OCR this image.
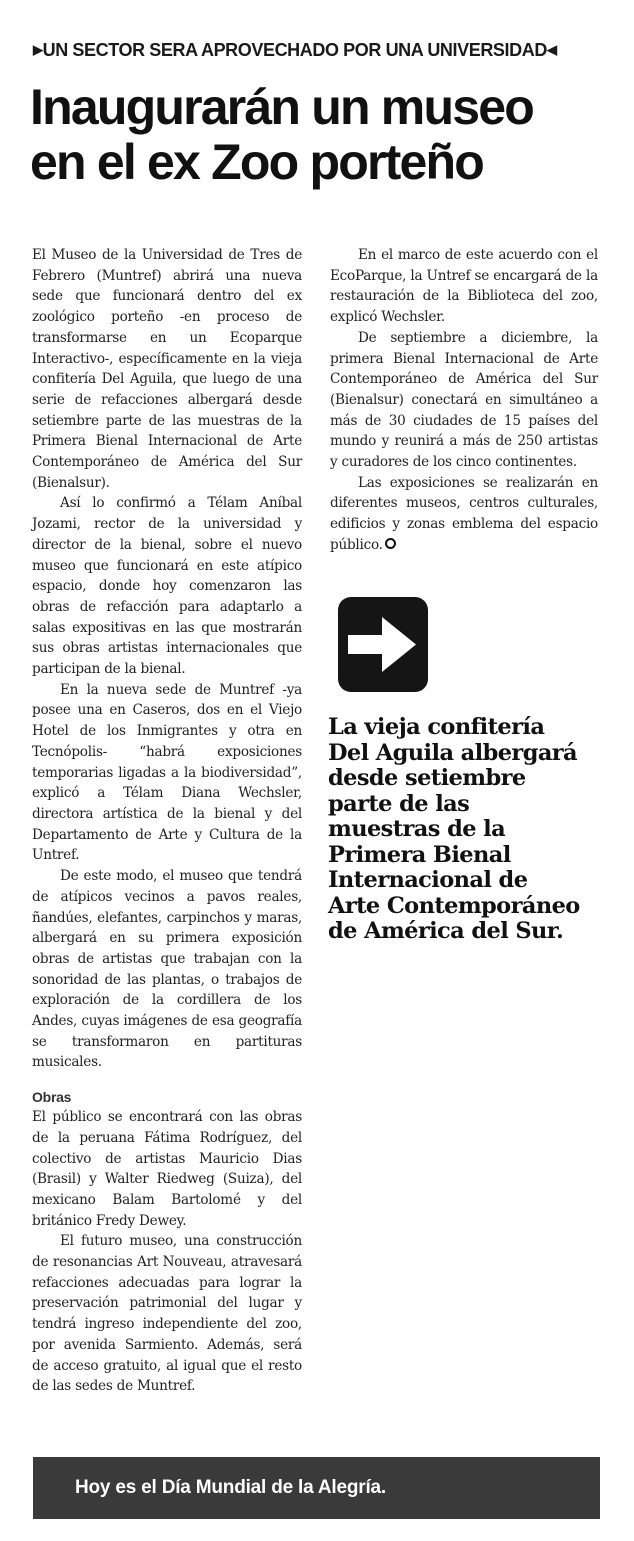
▶UN SECTOR SERA APROVECHADO POR UNA UNIVERSIDAD◀
Inaugurarán un museo
en el ex Zoo porteño

El Museo de la Universidad de Tres de Febrero (Muntref) abrirá una nueva sede que funcionará dentro del ex zoológico porteño -en proceso de transformarse en un Ecoparque Interactivo-, específicamente en la vieja confitería Del Aguila, que luego de una serie de refacciones albergará desde setiembre parte de las muestras de la Primera Bienal Internacional de Arte Contemporáneo de América del Sur (Bienalsur).

Así lo confirmó a Télam Aníbal Jozami, rector de la universidad y director de la bienal, sobre el nuevo museo que funcionará en este atípico espacio, donde hoy comenzaron las obras de refacción para adaptarlo a salas expositivas en las que mostrarán sus obras artistas internacionales que participan de la bienal.

En la nueva sede de Muntref -ya posee una en Caseros, dos en el Viejo Hotel de los Inmigrantes y otra en Tecnópolis- “habrá exposiciones temporarias ligadas a la biodiversidad”, explicó a Télam Diana Wechsler, directora artística de la bienal y del Departamento de Arte y Cultura de la Untref.

De este modo, el museo que tendrá de atípicos vecinos a pavos reales, ñandúes, elefantes, carpinchos y maras, albergará en su primera exposición obras de artistas que trabajan con la sonoridad de las plantas, o trabajos de exploración de la cordillera de los Andes, cuyas imágenes de esa geografía se transformaron en partituras musicales.

Obras

El público se encontrará con las obras de la peruana Fátima Rodríguez, del colectivo de artistas Mauricio Dias (Brasil) y Walter Riedweg (Suiza), del mexicano Balam Bartolomé y del británico Fredy Dewey.

El futuro museo, una construcción de resonancias Art Nouveau, atravesará refacciones adecuadas para lograr la preservación patrimonial del lugar y tendrá ingreso independiente del zoo, por avenida Sarmiento. Además, será de acceso gratuito, al igual que el resto de las sedes de Muntref.

En el marco de este acuerdo con el EcoParque, la Untref se encargará de la restauración de la Biblioteca del zoo, explicó Wechsler.

De septiembre a diciembre, la primera Bienal Internacional de Arte Contemporáneo de América del Sur (Bienalsur) conectará en simultáneo a más de 30 ciudades de 15 países del mundo y reunirá a más de 250 artistas y curadores de los cinco continentes.

Las exposiciones se realizarán en diferentes museos, centros culturales, edificios y zonas emblema del espacio público.

La vieja confitería
Del Aguila albergará
desde setiembre
parte de las
muestras de la
Primera Bienal
Internacional de
Arte Contemporáneo
de América del Sur.
Hoy es el Día Mundial de la Alegría.
